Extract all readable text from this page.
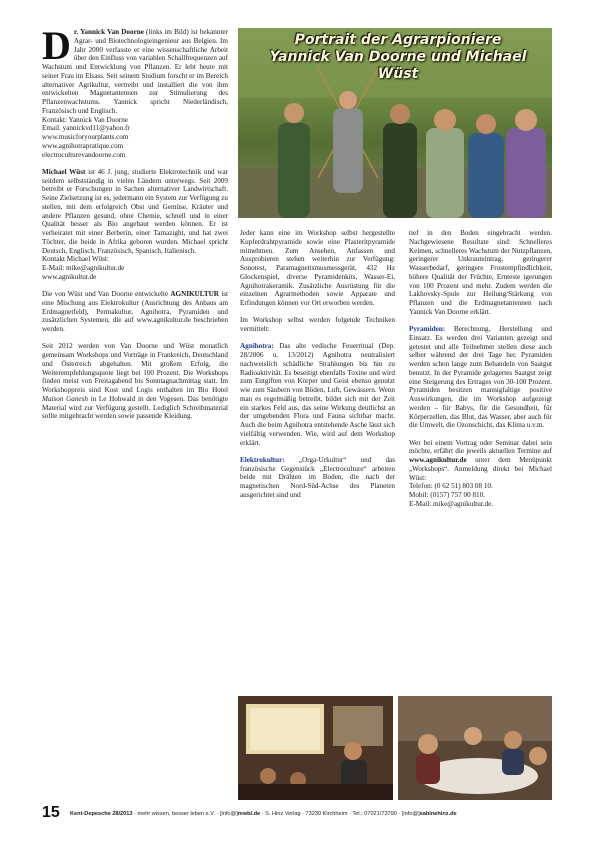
Dr. Yannick Van Doorne (links im Bild) ist bekannter Agrar- und Biotechnologieingenieur aus Belgien. Im Jahr 2000 verfasste er eine wissenschaftliche Arbeit über den Einfluss von variablen Schallfrequenzen auf Wachstum und Entwicklung von Pflanzen. Er lebt heute mit seiner Frau im Elsass. Seit seinem Studium forscht er im Bereich alternativer Agrikultur, vertreibt und installiert die von ihm entwickelten Magnetantennen zur Stimulierung des Pflanzenwachstums. Yannick spricht Niederländisch, Französisch und Englisch.
Kontakt: Yannick Van Doorne
Email. yannickvd11@yahoo.fr
www.musicforyourplants.com
www.agnihotrapratique.com
electroculturevandoorne.com

Michael Wüst ist 46 J. jung, studierte Elektrotechnik und war seitdem selbstständig in vielen Ländern unterwegs. Seit 2009 betreibt er Forschungen in Sachen alternativer Landwirtschaft. Seine Zielsetzung ist es, jedermann ein System zur Verfügung zu stellen, mit dem erfolgreich Obst und Gemüse, Kräuter und andere Pflanzen gesund, ohne Chemie, schnell und in einer Qualität besser als Bio angebaut werden können. Er ist verheiratet mit einer Berberin, einer Tamazight, und hat zwei Töchter, die beide in Afrika geboren wurden. Michael spricht Deutsch, Englisch, Französisch, Spanisch, Italienisch.
Kontakt Michael Wüst:
E-Mail: mike@agnikultur.de
www.agnikultur.de

Die von Wüst und Van Doorne entwickelte AGNIKULTUR ist eine Mischung aus Elektrokultur (Ausrichtung des Anbaus am Erdmagnetfeld), Permakultur, Agnihotra, Pyramiden und zusätzlichen Systemen, die auf www.agnikultur.de beschrieben werden.

Seit 2012 werden von Van Doorne und Wüst monatlich gemeinsam Workshops und Vorträge in Frankreich, Deutschland und Österreich abgehalten. Mit großem Erfolg, die Weiterempfehlungsquote liegt bei 100 Prozent. Die Workshops finden meist von Freitagabend bis Sonntagnachmittag statt. Im Workshoppreis sind Kost und Logis enthalten im Bio Hotel Maison Ganesh in Le Hohwald in den Vogesen. Das benötigte Material wird zur Verfügung gestellt. Lediglich Schreibmaterial sollte mitgebracht werden sowie passende Kleidung.

Portrait der Agrarpioniere
Yannick Van Doorne und Michael Wüst

Jeder kann eine im Workshop selbst hergestellte Kupferdrahtpyramide sowie eine Plasteritpyramide mitnehmen. Zum Ansehen, Anfassen und Ausprobieren stehen weiterhin zur Verfügung: Sonotest, Paramagnetismusmessgerät, 432 Hz Glockenspiel, diverse Pyramidenkits, Wasser-Ei, Agnihotrakeramik. Zusätzliche Ausrüstung für die einzelnen Agrarmethoden sowie Apparate und Erfindungen können vor Ort erworben werden.

Im Workshop selbst werden folgende Techniken vermittelt:

Agnihotra: Das alte vedische Feuerritual (Dep. 28/2006 u. 13/2012) Agnihotra neutralisiert nachweislich schädliche Strahlungen bis hin zu Radioaktivität. Es beseitigt ebenfalls Toxine und wird zum Entgiften von Körper und Geist ebenso genutzt wie zum Säubern von Böden, Luft, Gewässern. Wenn man es regelmäßig betreibt, bildet sich mit der Zeit ein starkes Feld aus, das seine Wirkung deutlichst an der umgebenden Flora und Fauna sichtbar macht. Auch die beim Agnihotra entstehende Asche lässt sich vielfältig verwenden. Wie, wird auf dem Workshop erklärt.

Elektrokultur: „Orga-Urkultur“ und das französische Gegenstück „Electroculture“ arbeiten beide mit Drähten im Boden, die nach der magnetischen Nord-Süd-Achse des Planeten ausgerichtet sind und

tief in den Boden eingebracht werden. Nachgewiesene Resultate sind: Schnelleres Keimen, schnelleres Wachstum der Nutzpflanzen, geringerer Unkrauteintrag, geringerer Wasserbedarf, geringere Frostempfindlichkeit, höhere Qualität der Früchte, Ernteste igerungen von 100 Prozent und mehr. Zudem werden die Lakhovsky-Spule zur Heilung/Stärkung von Pflanzen und die Erdmagnetantennen nach Yannick Van Doorne erklärt.

Pyramiden: Berechnung, Herstellung und Einsatz. Es werden drei Varianten gezeigt und getestet und alle Teilnehmer stellen diese auch selber während der drei Tage her. Pyramiden werden schon lange zum Behandeln von Saatgut benutzt. In der Pyramide gelagertes Saatgut zeigt eine Steigerung des Ertrages von 30-100 Prozent. Pyramiden besitzen mannigfaltige positive Auswirkungen, die im Workshop aufgezeigt werden – für Babys, für die Gesundheit, für Körperzellen, das Blut, das Wasser, aber auch für die Umwelt, die Ozonschicht, das Klima u.v.m.

Wer bei einem Vortrag oder Seminar dabei sein möchte, erfährt die jeweils aktuellen Termine auf www.agnikultur.de unter dem Menüpunkt „Workshops“. Anmeldung direkt bei Michael Wüst:
Telefon: (0 62 51) 803 08 10.
Mobil: (0157) 757 00 810.
E-Mail: mike@agnikultur.de.

15 Kent-Depesche 28/2013 · mehr wissen, besser leben e.V. · [info@]mwbl.de · S. Hinz Verlag · 73230 Kirchheim · Tel.: 07021/73790 · [info@]sabinehinz.de
